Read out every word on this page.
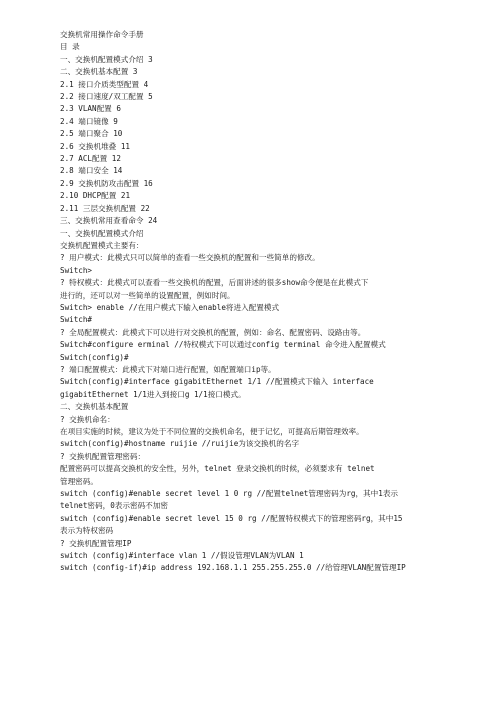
交换机常用操作命令手册
目 录
一、交换机配置模式介绍 3
二、交换机基本配置 3
2.1 接口介质类型配置 4
2.2 接口速度/双工配置 5
2.3 VLAN配置 6
2.4 端口镜像 9
2.5 端口聚合 10
2.6 交换机堆叠 11
2.7 ACL配置 12
2.8 端口安全 14
2.9 交换机防攻击配置 16
2.10 DHCP配置 21
2.11 三层交换机配置 22
三、交换机常用查看命令 24
一、交换机配置模式介绍
交换机配置模式主要有：
? 用户模式：此模式只可以简单的查看一些交换机的配置和一些简单的修改。
Switch>
? 特权模式：此模式可以查看一些交换机的配置，后面讲述的很多show命令便是在此模式下
进行的，还可以对一些简单的设置配置，例如时间。
Switch> enable //在用户模式下输入enable将进入配置模式
Switch#
? 全局配置模式：此模式下可以进行对交换机的配置，例如：命名、配置密码、设路由等。
Switch#configure erminal //特权模式下可以通过config terminal 命令进入配置模式
Switch(config)#
? 端口配置模式：此模式下对端口进行配置，如配置端口ip等。
Switch(config)#interface gigabitEthernet 1/1 //配置模式下输入 interface
gigabitEthernet 1/1进入到接口g 1/1接口模式。
二、交换机基本配置
? 交换机命名：
在项目实施的时候，建议为处于不同位置的交换机命名，便于记忆，可提高后期管理效率。
switch(config)#hostname ruijie //ruijie为该交换机的名字
? 交换机配置管理密码：
配置密码可以提高交换机的安全性，另外，telnet 登录交换机的时候，必须要求有 telnet
管理密码。
switch (config)#enable secret level 1 0 rg //配置telnet管理密码为rg，其中1表示
telnet密码，0表示密码不加密
switch (config)#enable secret level 15 0 rg //配置特权模式下的管理密码rg，其中15
表示为特权密码
? 交换机配置管理IP
switch (config)#interface vlan 1 //假设管理VLAN为VLAN 1
switch (config-if)#ip address 192.168.1.1 255.255.255.0 //给管理VLAN配置管理IP
